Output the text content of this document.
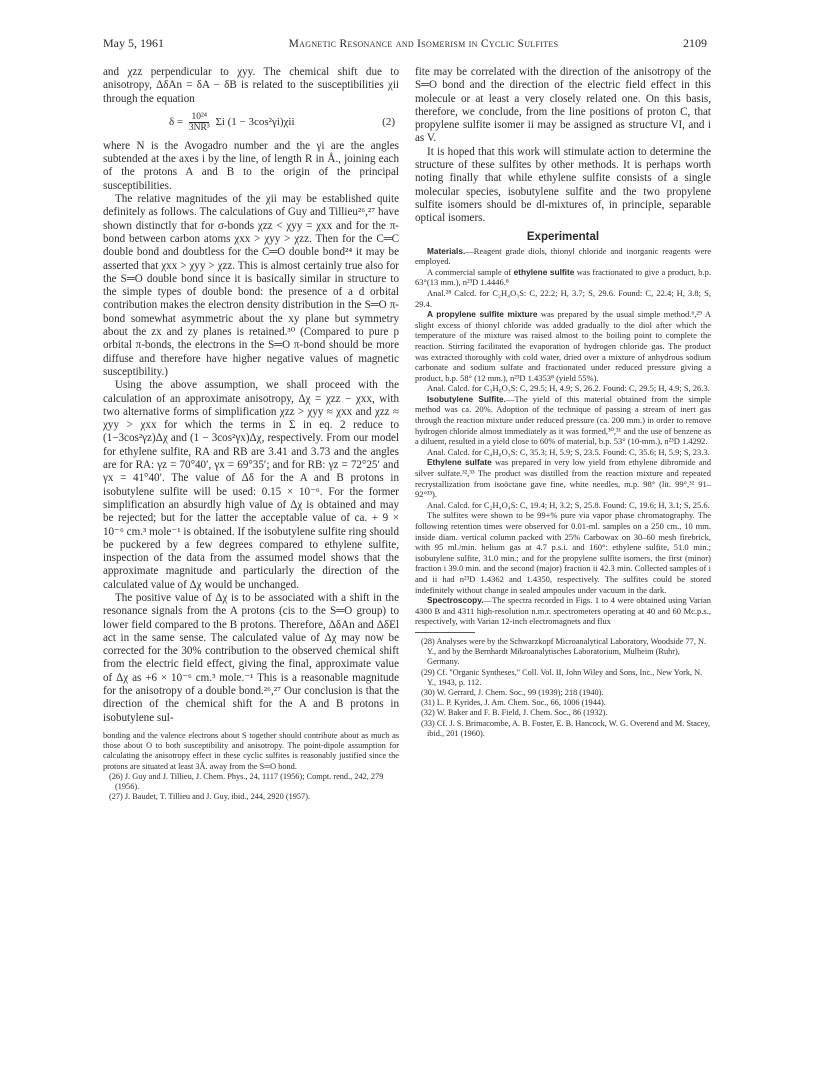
May 5, 1961	Magnetic Resonance and Isomerism in Cyclic Sulfites	2109

and χzz perpendicular to χyy. The chemical shift due to anisotropy, ΔδAn = δA − δB is related to the susceptibilities χii through the equation

$\delta = \frac{\text{10²⁴}}{\text{3NR³}}$ Σi (1 − 3cos²γi)χii	(2)

where N is the Avogadro number and the γi are the angles subtended at the axes i by the line, of length R in Å., joining each of the protons A and B to the origin of the principal susceptibilities.

The relative magnitudes of the χii may be established quite definitely as follows. The calculations of Guy and Tillieu²⁶,²⁷ have shown distinctly that for σ-bonds χzz < χyy = χxx and for the π-bond between carbon atoms χxx > χyy > χzz. Then for the C═C double bond and doubtless for the C═O double bond²⁴ it may be asserted that χxx > χyy > χzz. This is almost certainly true also for the S═O double bond since it is basically similar in structure to the simple types of double bond: the presence of a d orbital contribution makes the electron density distribution in the S═O π-bond somewhat asymmetric about the xy plane but symmetry about the zx and zy planes is retained.³⁰ (Compared to pure p orbital π-bonds, the electrons in the S═O π-bond should be more diffuse and therefore have higher negative values of magnetic susceptibility.)

Using the above assumption, we shall proceed with the calculation of an approximate anisotropy, Δχ = χzz − χxx, with two alternative forms of simplification χzz > χyy ≈ χxx and χzz ≈ χyy > χxx for which the terms in Σ in eq. 2 reduce to (1−3cos²γz)Δχ and (1 − 3cos²γx)Δχ, respectively. From our model for ethylene sulfite, RA and RB are 3.41 and 3.73 and the angles are for RA: γz = 70°40′, γx = 69°35′; and for RB: γz = 72°25′ and γx = 41°40′. The value of Δδ for the A and B protons in isobutylene sulfite will be used: 0.15 × 10⁻⁶. For the former simplification an absurdly high value of Δχ is obtained and may be rejected; but for the latter the acceptable value of ca. + 9 × 10⁻⁶ cm.³ mole⁻¹ is obtained. If the isobutylene sulfite ring should be puckered by a few degrees compared to ethylene sulfite, inspection of the data from the assumed model shows that the approximate magnitude and particularly the direction of the calculated value of Δχ would be unchanged.

The positive value of Δχ is to be associated with a shift in the resonance signals from the A protons (cis to the S═O group) to lower field compared to the B protons. Therefore, ΔδAn and ΔδEl act in the same sense. The calculated value of Δχ may now be corrected for the 30% contribution to the observed chemical shift from the electric field effect, giving the final, approximate value of Δχ as +6 × 10⁻⁶ cm.³ mole.⁻¹ This is a reasonable magnitude for the anisotropy of a double bond.²⁶,²⁷ Our conclusion is that the direction of the chemical shift for the A and B protons in isobutylene sul-

bonding and the valence electrons about S together should contribute about as much as those about O to both susceptibility and anisotropy. The point-dipole assumption for calculating the anisotropy effect in these cyclic sulfites is reasonably justified since the protons are situated at least 3Å. away from the S═O bond.

(26) J. Guy and J. Tillieu, J. Chem. Phys., 24, 1117 (1956); Compt. rend., 242, 279 (1956).

(27) J. Baudet, T. Tillieu and J. Guy, ibid., 244, 2920 (1957).

fite may be correlated with the direction of the anisotropy of the S═O bond and the direction of the electric field effect in this molecule or at least a very closely related one. On this basis, therefore, we conclude, from the line positions of proton C, that propylene sulfite isomer ii may be assigned as structure VI, and i as V.

It is hoped that this work will stimulate action to determine the structure of these sulfites by other methods. It is perhaps worth noting finally that while ethylene sulfite consists of a single molecular species, isobutylene sulfite and the two propylene sulfite isomers should be dl-mixtures of, in principle, separable optical isomers.

Experimental

Materials.—Reagent grade diols, thionyl chloride and inorganic reagents were employed.

A commercial sample of ethylene sulfite was fractionated to give a product, b.p. 63°(13 mm.), n²³D 1.4446.⁸

Anal.²⁸ Calcd. for C₂H₄O₃S: C, 22.2; H, 3.7; S, 29.6. Found: C, 22.4; H, 3.8; S, 29.4.

A propylene sulfite mixture was prepared by the usual simple method.⁶,²⁹ A slight excess of thionyl chloride was added gradually to the diol after which the temperature of the mixture was raised almost to the boiling point to complete the reaction. Stirring facilitated the evaporation of hydrogen chloride gas. The product was extracted thoroughly with cold water, dried over a mixture of anhydrous sodium carbonate and sodium sulfate and fractionated under reduced pressure giving a product, b.p. 58° (12 mm.), n²³D 1.4353⁸ (yield 55%).

Anal. Calcd. for C₃H₆O₃S: C, 29.5; H, 4.9; S, 26.2. Found: C, 29.5; H, 4.9; S, 26.3.

Isobutylene Sulfite.—The yield of this material obtained from the simple method was ca. 20%. Adoption of the technique of passing a stream of inert gas through the reaction mixture under reduced pressure (ca. 200 mm.) in order to remove hydrogen chloride almost immediately as it was formed,³⁰,³¹ and the use of benzene as a diluent, resulted in a yield close to 60% of material, b.p. 53° (10-mm.), n²³D 1.4292.

Anal. Calcd. for C₄H₈O₃S: C, 35.3; H, 5.9; S, 23.5. Found: C, 35.6; H, 5.9; S, 23.3.

Ethylene sulfate was prepared in very low yield from ethylene dibromide and silver sulfate.³²,³³ The product was distilled from the reaction mixture and repeated recrystallization from isoöctane gave fine, white needles, m.p. 98° (lit. 99°,³² 91–92°³³).

Anal. Calcd. for C₂H₄O₄S: C, 19.4; H, 3.2; S, 25.8. Found: C, 19.6; H, 3.1; S, 25.6.

The sulfites were shown to be 99+% pure via vapor phase chromatography. The following retention times were observed for 0.01-ml. samples on a 250 cm., 10 mm. inside diam. vertical column packed with 25% Carbowax on 30–60 mesh firebrick, with 95 ml./min. helium gas at 4.7 p.s.i. and 160°: ethylene sulfite, 51.0 min.; isobutylene sulfite, 31.0 min.; and for the propylene sulfite isomers, the first (minor) fraction i 39.0 min. and the second (major) fraction ii 42.3 min. Collected samples of i and ii had n²³D 1.4362 and 1.4350, respectively. The sulfites could be stored indefinitely without change in sealed ampoules under vacuum in the dark.

Spectroscopy.—The spectra recorded in Figs. 1 to 4 were obtained using Varian 4300 B and 4311 high-resolution n.m.r. spectrometers operating at 40 and 60 Mc.p.s., respectively, with Varian 12-inch electromagnets and flux

(28) Analyses were by the Schwarzkopf Microanalytical Laboratory, Woodside 77, N. Y., and by the Bernhardt Mikroanalytisches Laboratorium, Mulheim (Ruhr), Germany.

(29) Cf. "Organic Syntheses," Coll. Vol. II, John Wiley and Sons, Inc., New York, N. Y., 1943, p. 112.

(30) W. Gerrard, J. Chem. Soc., 99 (1939); 218 (1940).

(31) L. P. Kyrides, J. Am. Chem. Soc., 66, 1006 (1944).

(32) W. Baker and F. B. Field, J. Chem. Soc., 86 (1932).

(33) Cf. J. S. Brimacombe, A. B. Foster, E. B. Hancock, W. G. Overend and M. Stacey, ibid., 201 (1960).
